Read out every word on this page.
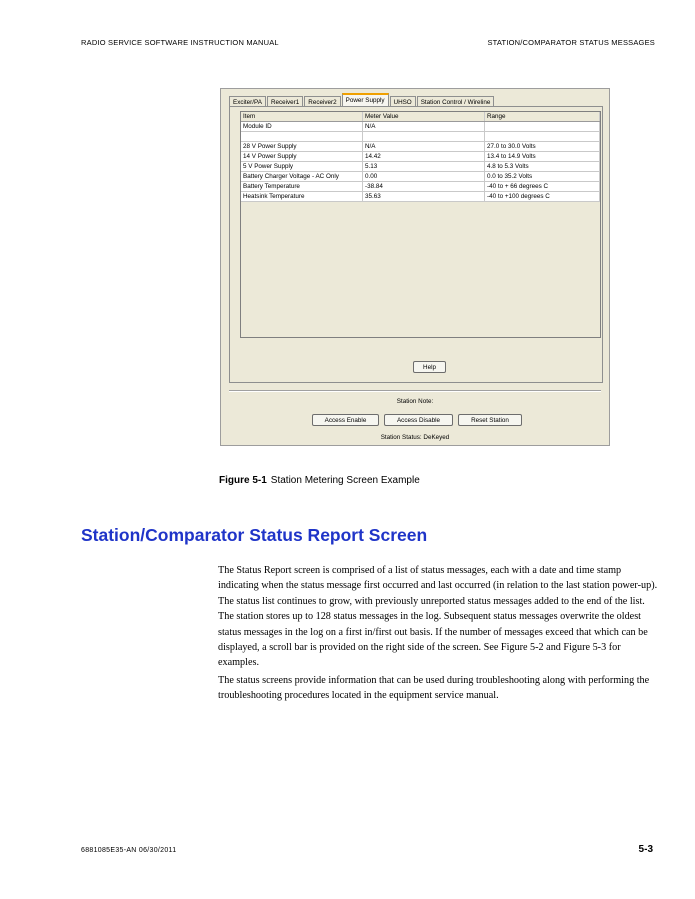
RADIO SERVICE SOFTWARE INSTRUCTION MANUAL	STATION/COMPARATOR STATUS MESSAGES
Exciter/PA	Receiver1	Receiver2	Power Supply	UHSO	Station Control / Wireline
Item	Meter Value	Range
Module ID	N/A	

28 V Power Supply	N/A	27.0 to 30.0 Volts
14 V Power Supply	14.42	13.4 to 14.9 Volts
5 V Power Supply	5.13	4.8 to 5.3 Volts
Battery Charger Voltage - AC Only	0.00	0.0 to 35.2 Volts
Battery Temperature	-38.84	-40 to + 66 degrees C
Heatsink Temperature	35.63	-40 to +100 degrees C
Help
Station Note:
Access Enable	Access Disable	Reset Station
Station Status: DeKeyed
Figure 5-1 Station Metering Screen Example
Station/Comparator Status Report Screen

The Status Report screen is comprised of a list of status messages, each with a date and time stamp indicating when the status message first occurred and last occurred (in relation to the last station power-up). The status list continues to grow, with previously unreported status messages added to the end of the list. The station stores up to 128 status messages in the log. Subsequent status messages overwrite the oldest status messages in the log on a first in/first out basis. If the number of messages exceed that which can be displayed, a scroll bar is provided on the right side of the screen. See Figure 5-2 and Figure 5-3 for examples.

The status screens provide information that can be used during troubleshooting along with performing the troubleshooting procedures located in the equipment service manual.

6881085E35-AN 06/30/2011	5-3
